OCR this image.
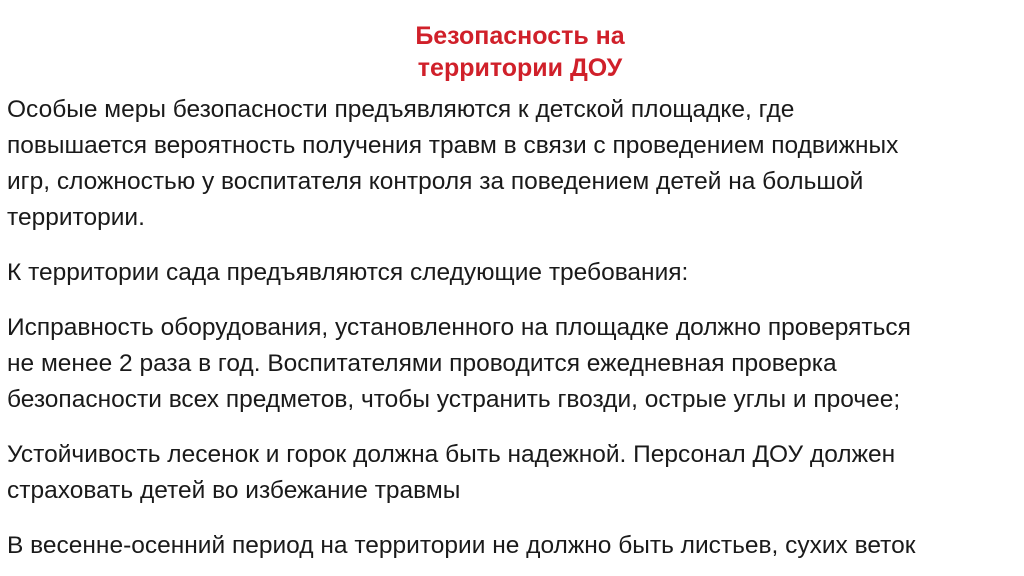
Безопасность на
территории ДОУ

Особые меры безопасности предъявляются к детской площадке, где
повышается вероятность получения травм в связи с проведением подвижных
игр, сложностью у воспитателя контроля за поведением детей на большой
территории.

К территории сада предъявляются следующие требования:

Исправность оборудования, установленного на площадке должно проверяться
не менее 2 раза в год. Воспитателями проводится ежедневная проверка
безопасности всех предметов, чтобы устранить гвозди, острые углы и прочее;

Устойчивость лесенок и горок должна быть надежной. Персонал ДОУ должен
страховать детей во избежание травмы

В весенне-осенний период на территории не должно быть листьев, сухих веток
